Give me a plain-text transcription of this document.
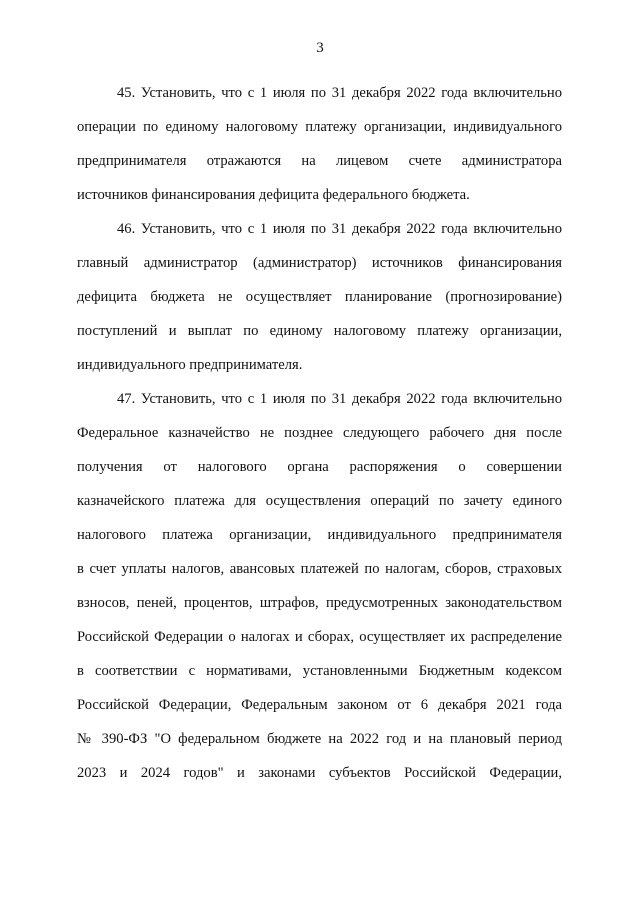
3

45. Установить, что с 1 июля по 31 декабря 2022 года включительно
операции по единому налоговому платежу организации, индивидуального
предпринимателя отражаются на лицевом счете администратора
источников финансирования дефицита федерального бюджета.

46. Установить, что с 1 июля по 31 декабря 2022 года включительно
главный администратор (администратор) источников финансирования
дефицита бюджета не осуществляет планирование (прогнозирование)
поступлений и выплат по единому налоговому платежу организации,
индивидуального предпринимателя.

47. Установить, что с 1 июля по 31 декабря 2022 года включительно
Федеральное казначейство не позднее следующего рабочего дня после
получения от налогового органа распоряжения о совершении
казначейского платежа для осуществления операций по зачету единого
налогового платежа организации, индивидуального предпринимателя
в счет уплаты налогов, авансовых платежей по налогам, сборов, страховых
взносов, пеней, процентов, штрафов, предусмотренных законодательством
Российской Федерации о налогах и сборах, осуществляет их распределение
в соответствии с нормативами, установленными Бюджетным кодексом
Российской Федерации, Федеральным законом от 6 декабря 2021 года
№ 390-ФЗ "О федеральном бюджете на 2022 год и на плановый период
2023 и 2024 годов" и законами субъектов Российской Федерации,
